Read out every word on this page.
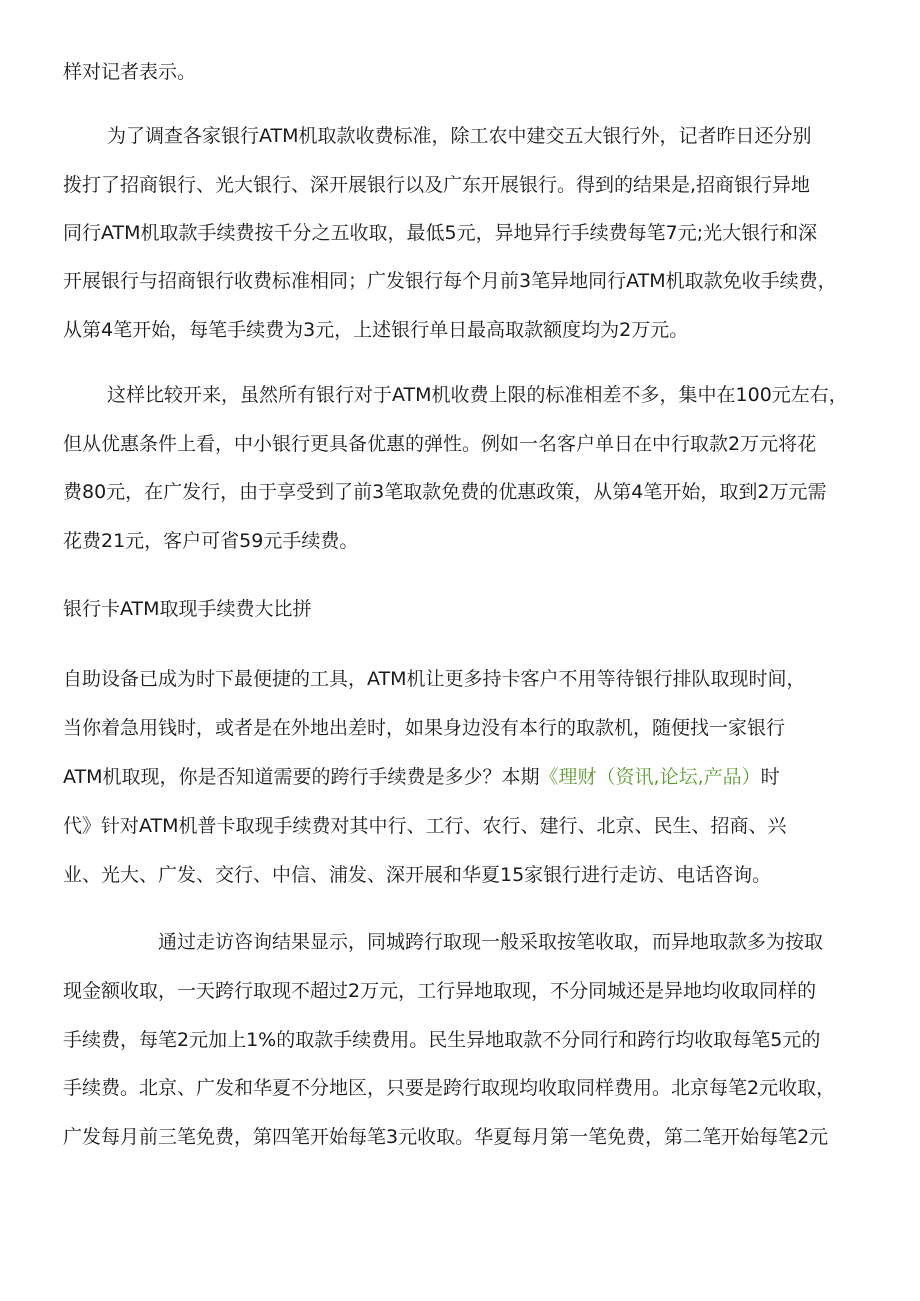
样对记者表示。
为了调查各家银行ATM机取款收费标准，除工农中建交五大银行外，记者昨日还分别
拨打了招商银行、光大银行、深开展银行以及广东开展银行。得到的结果是,招商银行异地
同行ATM机取款手续费按千分之五收取，最低5元，异地异行手续费每笔7元;光大银行和深
开展银行与招商银行收费标准相同；广发银行每个月前3笔异地同行ATM机取款免收手续费，
从第4笔开始，每笔手续费为3元，上述银行单日最高取款额度均为2万元。
这样比较开来，虽然所有银行对于ATM机收费上限的标准相差不多，集中在100元左右，
但从优惠条件上看，中小银行更具备优惠的弹性。例如一名客户单日在中行取款2万元将花
费80元，在广发行，由于享受到了前3笔取款免费的优惠政策，从第4笔开始，取到2万元需
花费21元，客户可省59元手续费。
银行卡ATM取现手续费大比拼
自助设备已成为时下最便捷的工具，ATM机让更多持卡客户不用等待银行排队取现时间，
当你着急用钱时，或者是在外地出差时，如果身边没有本行的取款机，随便找一家银行
ATM机取现，你是否知道需要的跨行手续费是多少？本期《理财（资讯,论坛,产品）时
代》针对ATM机普卡取现手续费对其中行、工行、农行、建行、北京、民生、招商、兴
业、光大、广发、交行、中信、浦发、深开展和华夏15家银行进行走访、电话咨询。
通过走访咨询结果显示，同城跨行取现一般采取按笔收取，而异地取款多为按取
现金额收取，一天跨行取现不超过2万元，工行异地取现，不分同城还是异地均收取同样的
手续费，每笔2元加上1%的取款手续费用。民生异地取款不分同行和跨行均收取每笔5元的
手续费。北京、广发和华夏不分地区，只要是跨行取现均收取同样费用。北京每笔2元收取，
广发每月前三笔免费，第四笔开始每笔3元收取。华夏每月第一笔免费，第二笔开始每笔2元
